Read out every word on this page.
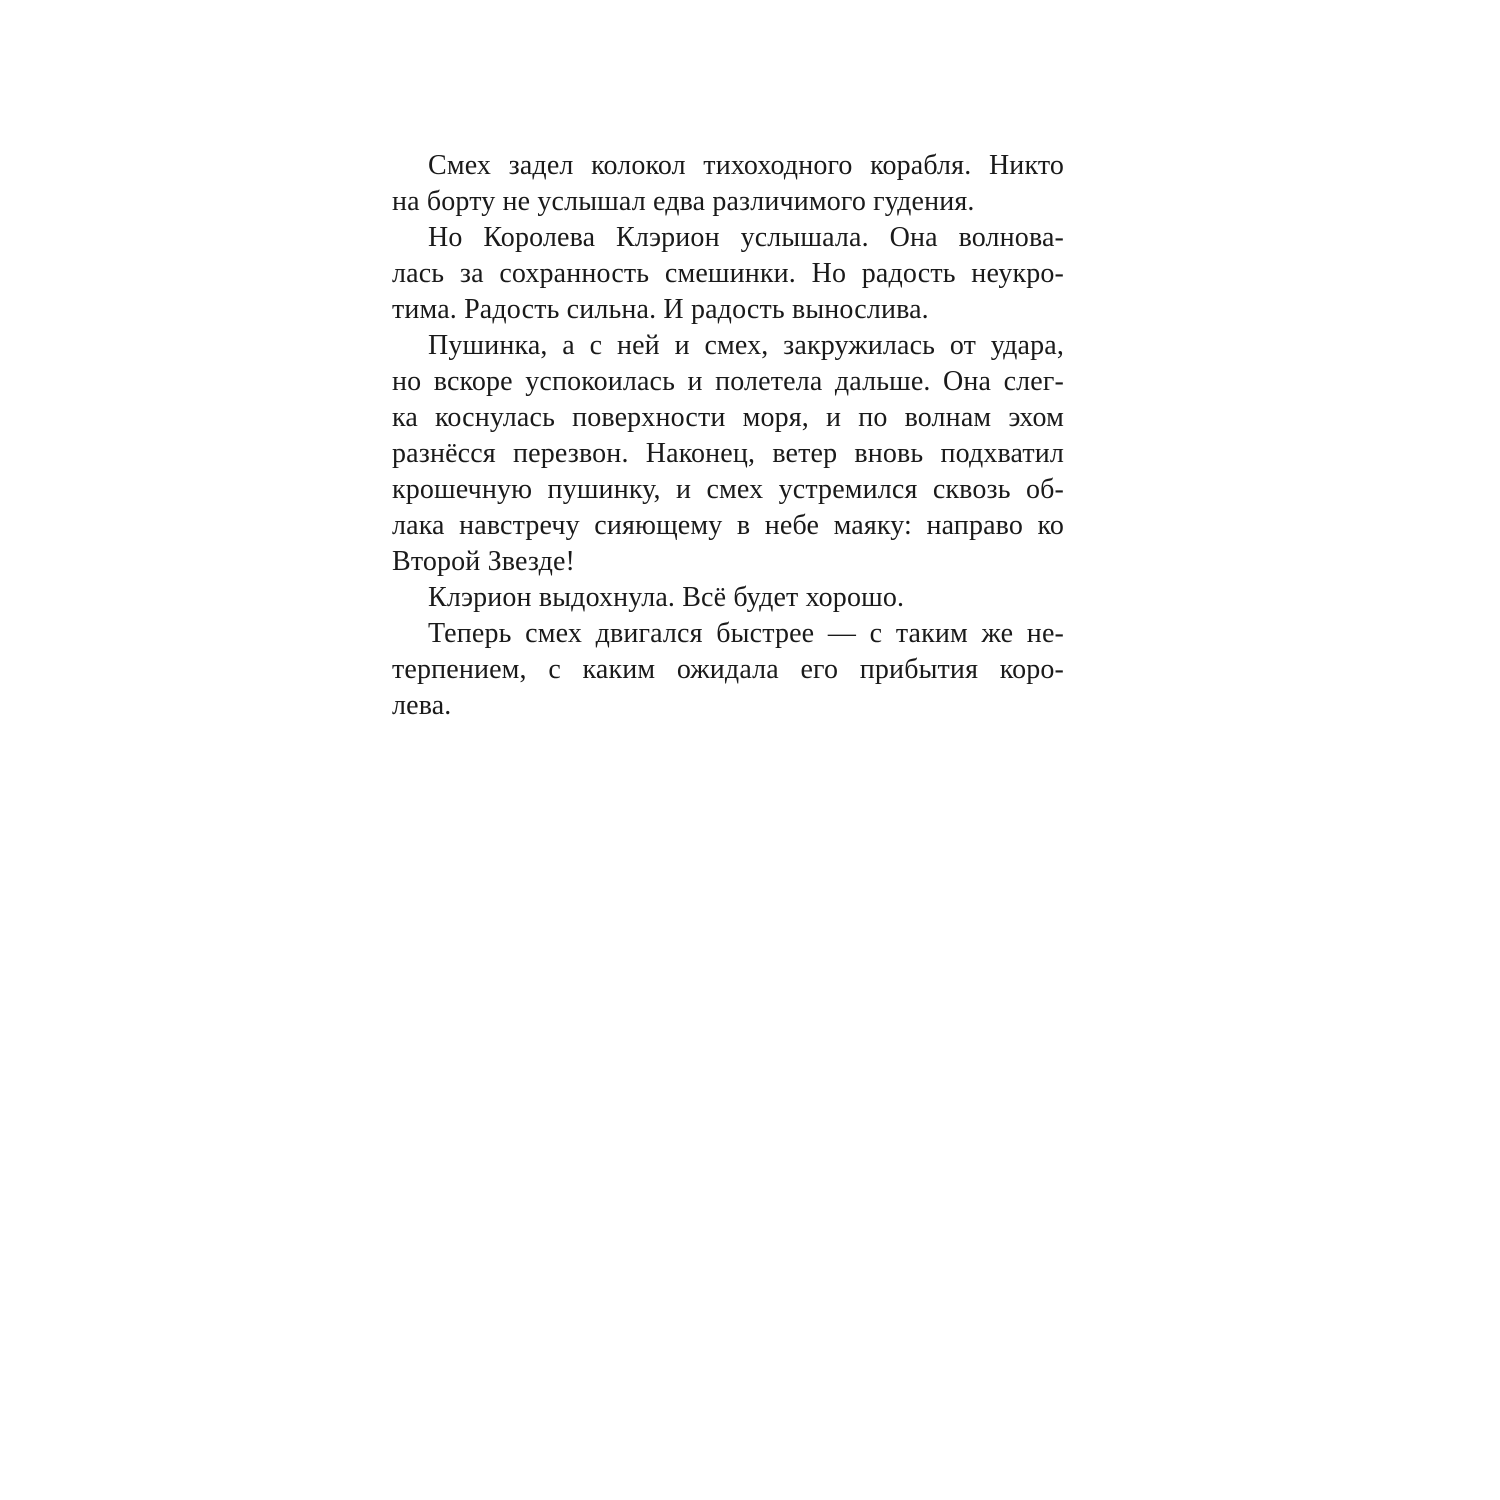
Смех задел колокол тихоходного корабля. Никто
на борту не услышал едва различимого гудения.
Но Королева Клэрион услышала. Она волнова-
лась за сохранность смешинки. Но радость неукро-
тима. Радость сильна. И радость вынослива.
Пушинка, а с ней и смех, закружилась от удара,
но вскоре успокоилась и полетела дальше. Она слег-
ка коснулась поверхности моря, и по волнам эхом
разнёсся перезвон. Наконец, ветер вновь подхватил
крошечную пушинку, и смех устремился сквозь об-
лака навстречу сияющему в небе маяку: направо ко
Второй Звезде!
Клэрион выдохнула. Всё будет хорошо.
Теперь смех двигался быстрее — с таким же не-
терпением, с каким ожидала его прибытия коро-
лева.
